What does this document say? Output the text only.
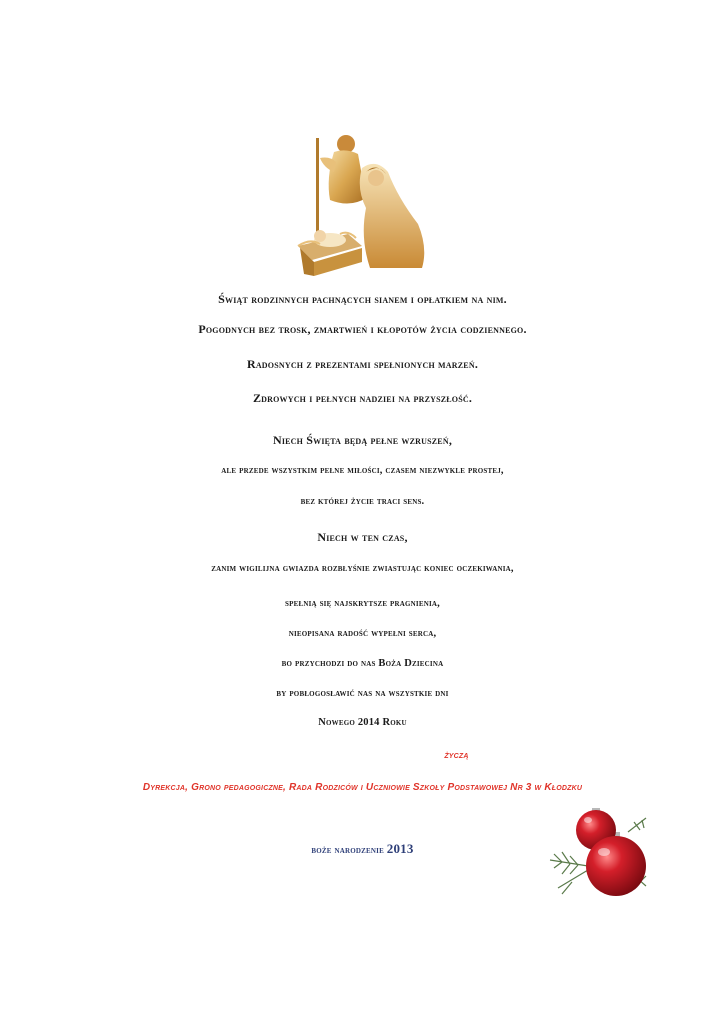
Świąt rodzinnych pachnących sianem i opłatkiem na nim.
Pogodnych bez trosk, zmartwień i kłopotów życia codziennego.
Radosnych z prezentami spełnionych marzeń.
Zdrowych i pełnych nadziei na przyszłość.
Niech Święta będą pełne wzruszeń,
ale przede wszystkim pełne miłości, czasem niezwykle prostej,
bez której życie traci sens.
Niech w ten czas,
zanim wigilijna gwiazda rozbłyśnie zwiastując koniec oczekiwania,
spełnią się najskrytsze pragnienia,
nieopisana radość wypełni serca,
bo przychodzi do nas Boża Dziecina
by pobłogosławić nas na wszystkie dni
Nowego 2014 Roku
życzą
Dyrekcja, Grono pedagogiczne, Rada Rodziców i Uczniowie Szkoły Podstawowej Nr 3 w Kłodzku
boże narodzenie 2013
